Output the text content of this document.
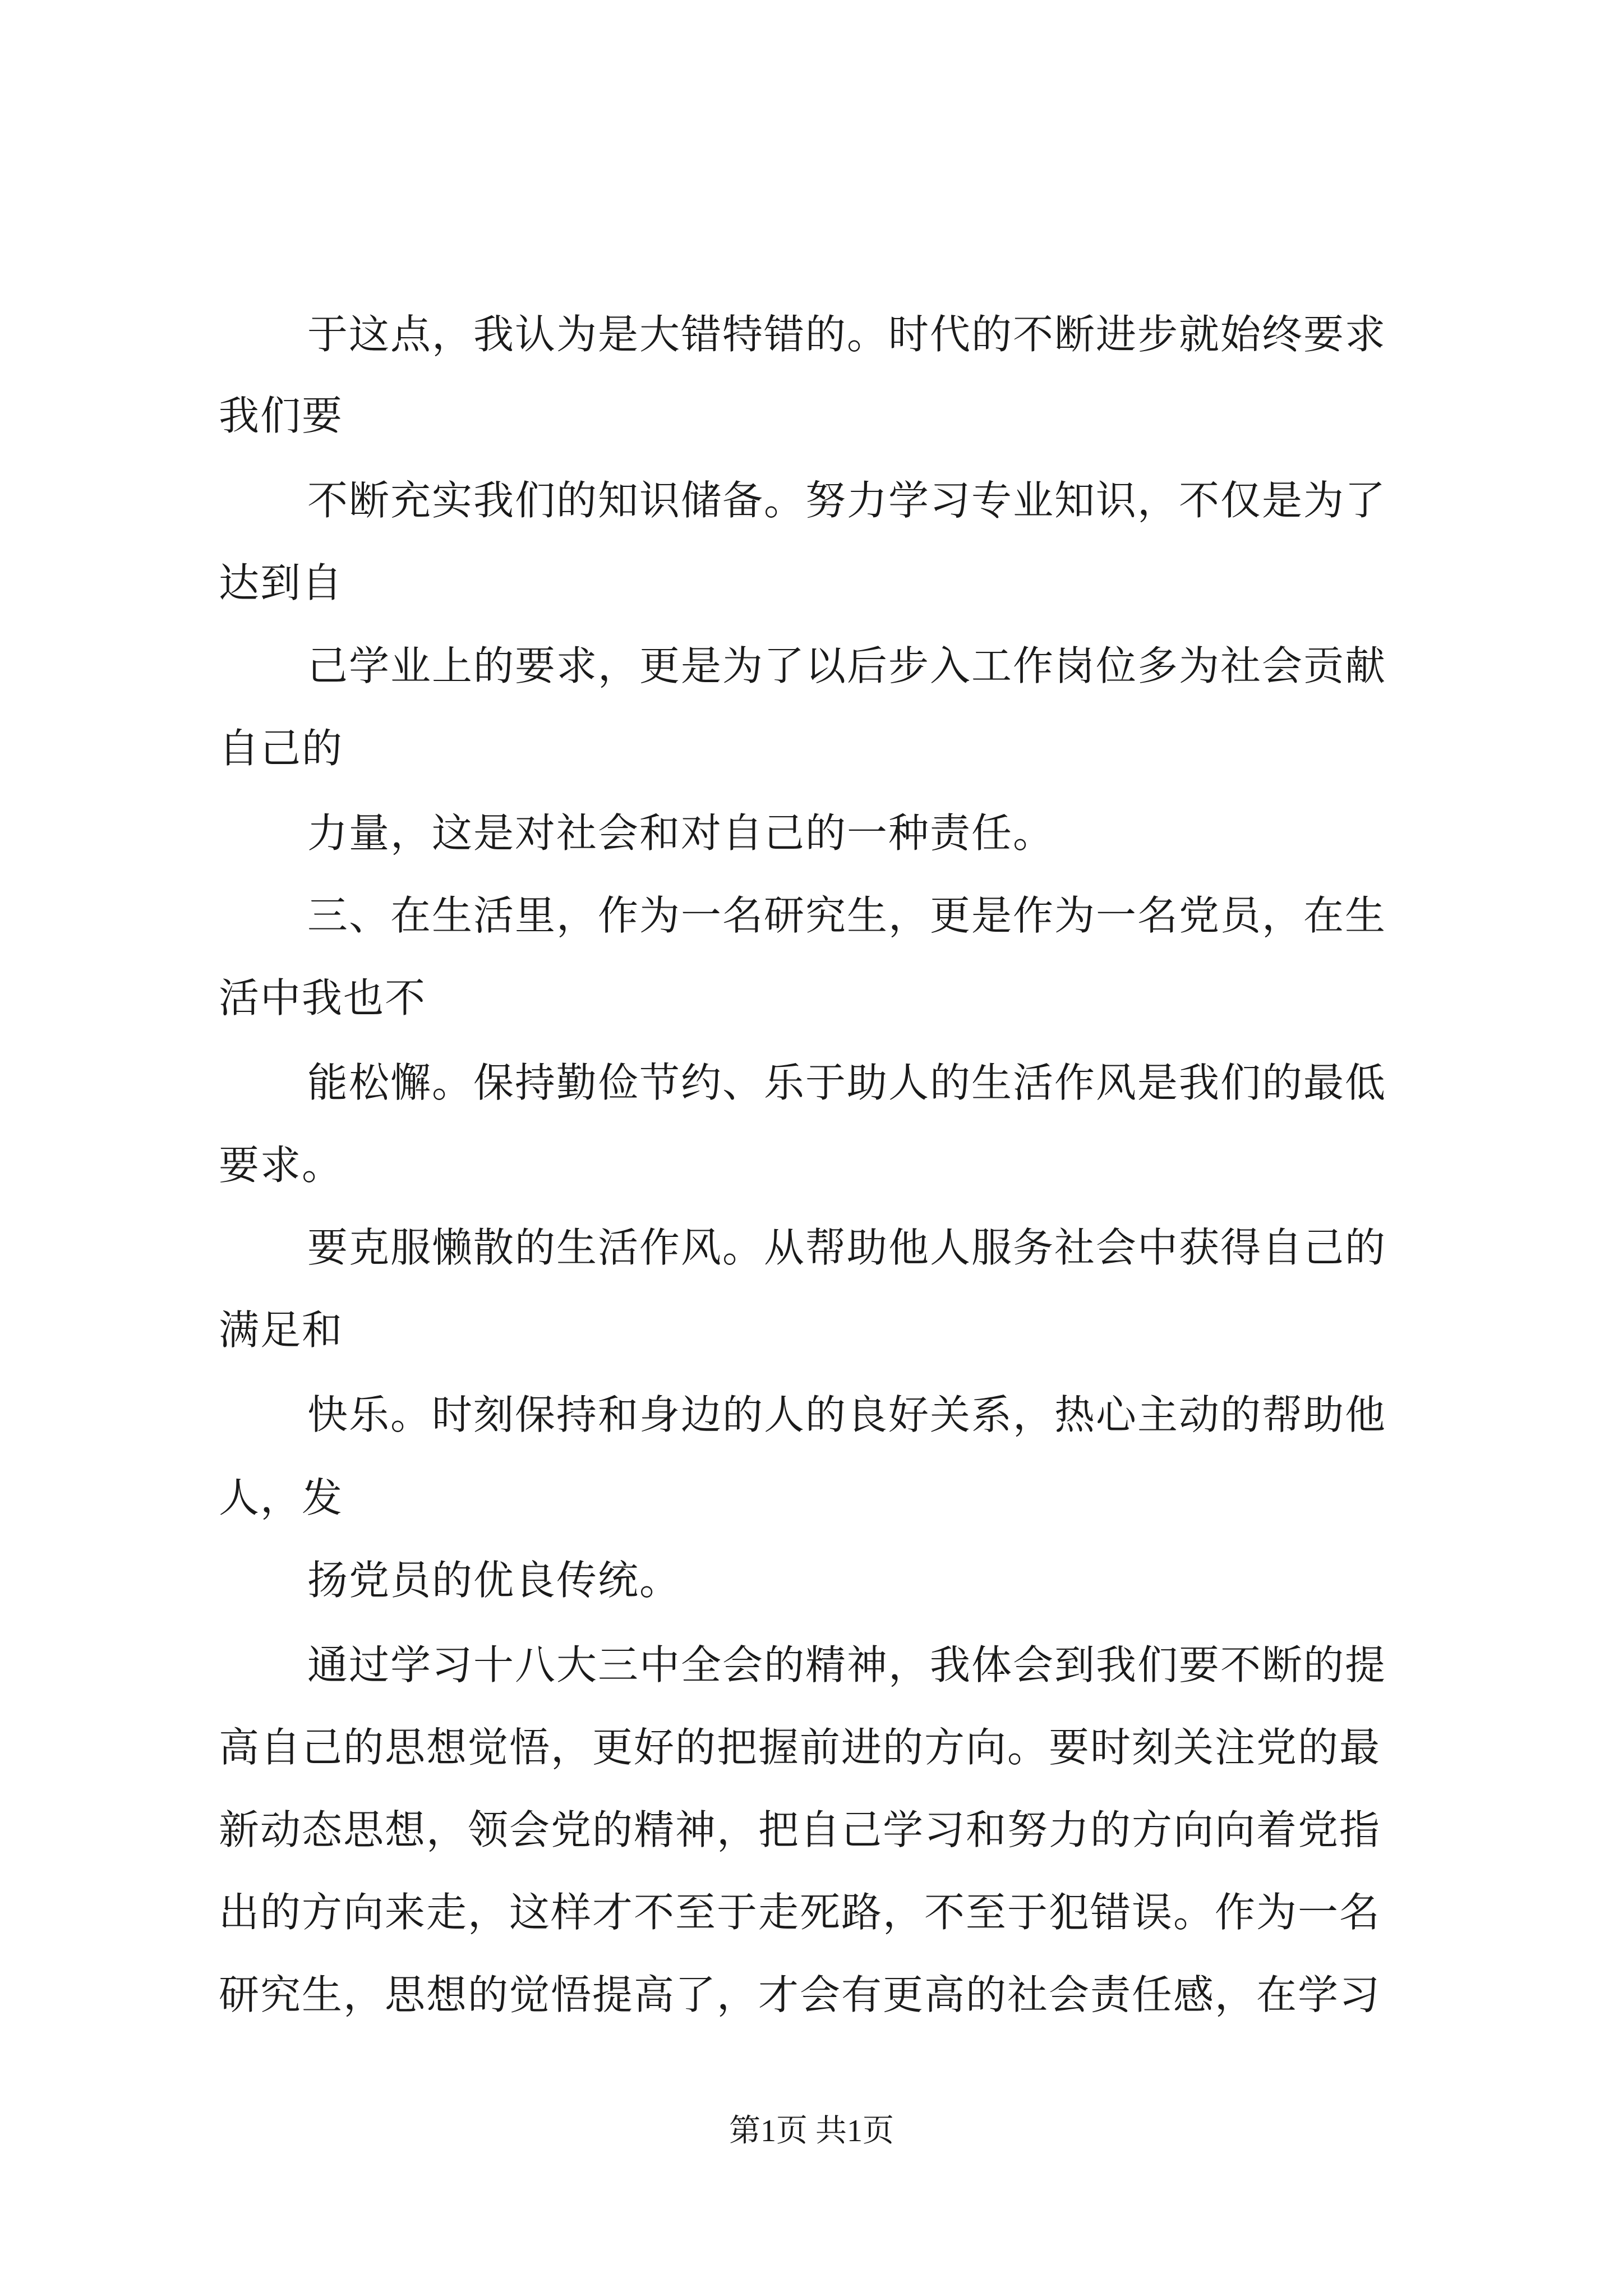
于这点，我认为是大错特错的。时代的不断进步就始终要求
我们要
不断充实我们的知识储备。努力学习专业知识，不仅是为了
达到自
己学业上的要求，更是为了以后步入工作岗位多为社会贡献
自己的
力量，这是对社会和对自己的一种责任。
三、在生活里，作为一名研究生，更是作为一名党员，在生
活中我也不
能松懈。保持勤俭节约、乐于助人的生活作风是我们的最低
要求。
要克服懒散的生活作风。从帮助他人服务社会中获得自己的
满足和
快乐。时刻保持和身边的人的良好关系，热心主动的帮助他
人，发
扬党员的优良传统。
通过学习十八大三中全会的精神，我体会到我们要不断的提
高自己的思想觉悟，更好的把握前进的方向。要时刻关注党的最
新动态思想，领会党的精神，把自己学习和努力的方向向着党指
出的方向来走，这样才不至于走死路，不至于犯错误。作为一名
研究生，思想的觉悟提高了，才会有更高的社会责任感，在学习
第1页 共1页
